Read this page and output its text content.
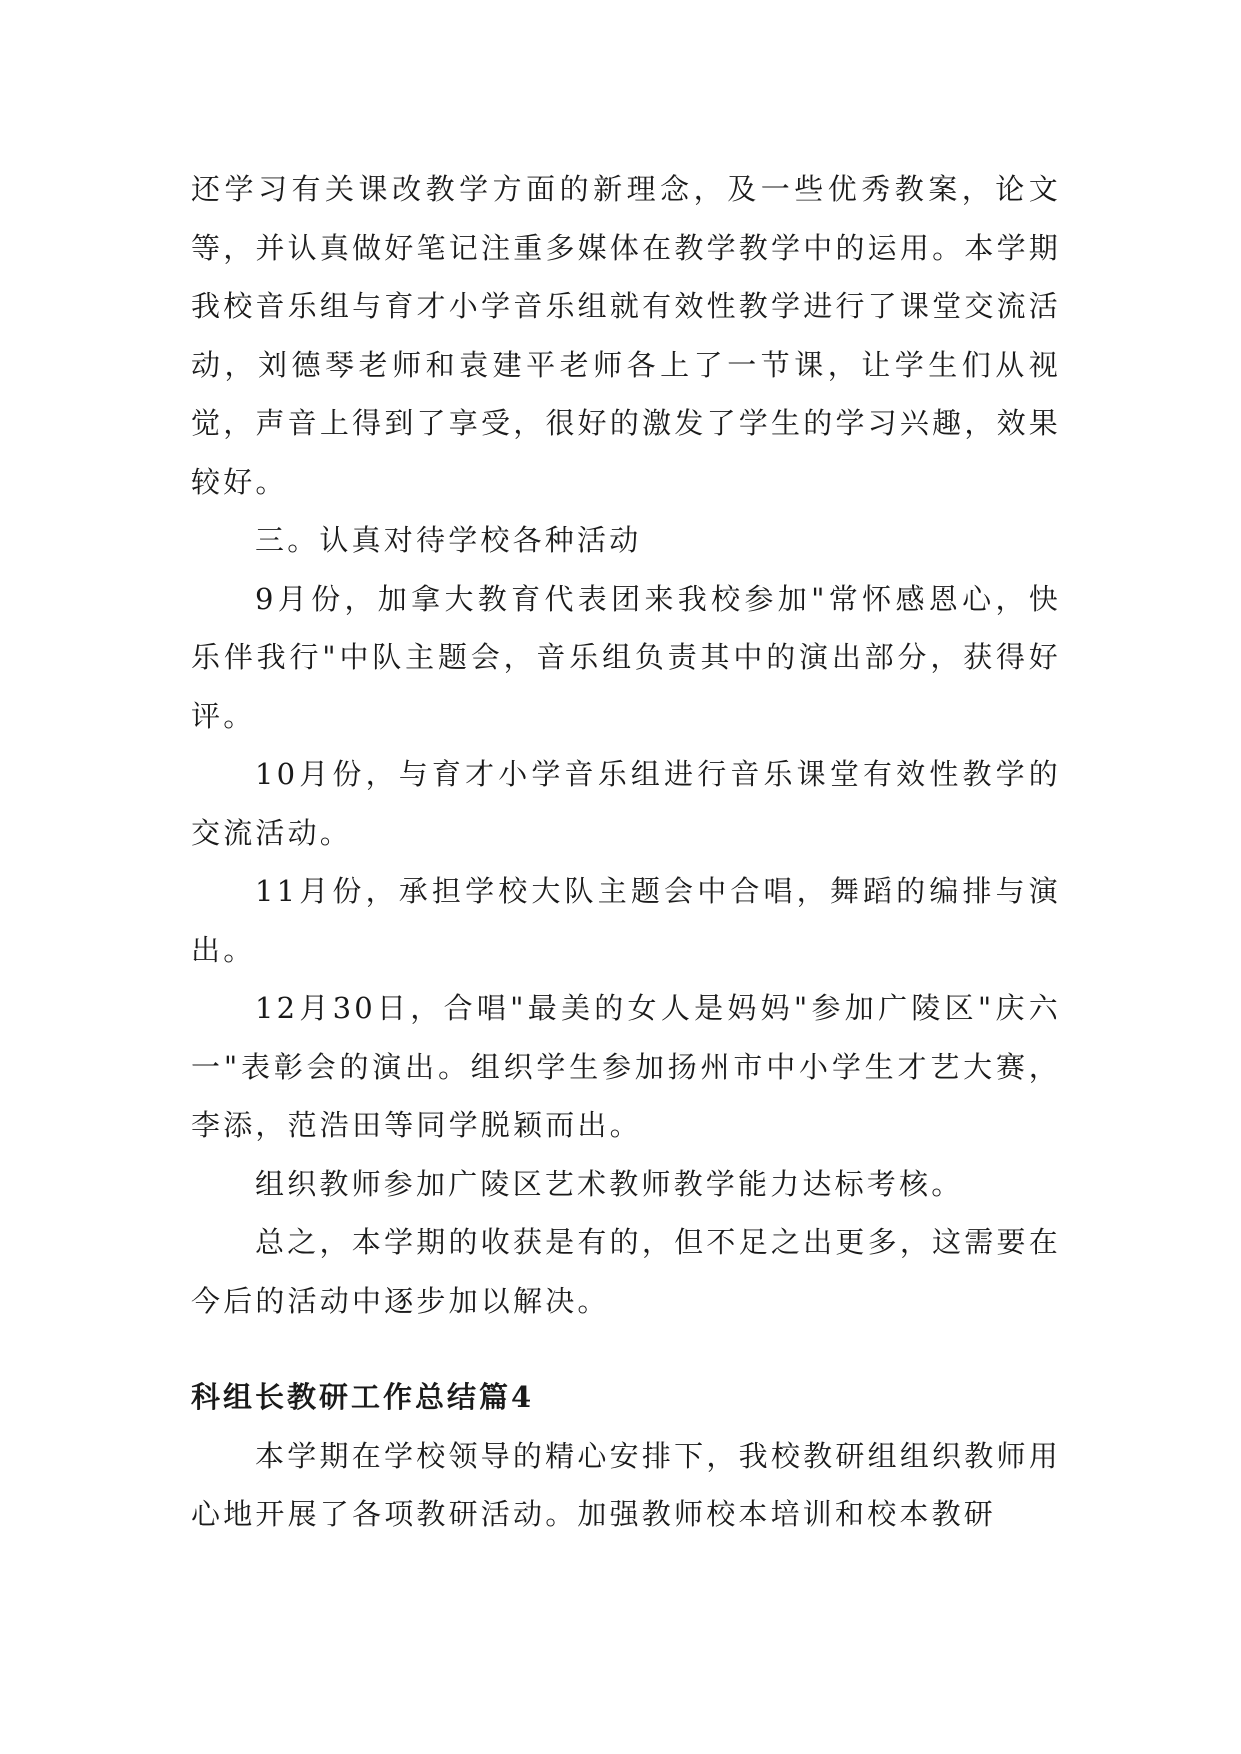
还学习有关课改教学方面的新理念，及一些优秀教案，论文等，并认真做好笔记注重多媒体在教学教学中的运用。本学期我校音乐组与育才小学音乐组就有效性教学进行了课堂交流活动，刘德琴老师和袁建平老师各上了一节课，让学生们从视觉，声音上得到了享受，很好的激发了学生的学习兴趣，效果较好。

三。认真对待学校各种活动

9月份，加拿大教育代表团来我校参加"常怀感恩心，快乐伴我行"中队主题会，音乐组负责其中的演出部分，获得好评。

10月份，与育才小学音乐组进行音乐课堂有效性教学的交流活动。

11月份，承担学校大队主题会中合唱，舞蹈的编排与演出。

12月30日，合唱"最美的女人是妈妈"参加广陵区"庆六一"表彰会的演出。组织学生参加扬州市中小学生才艺大赛，李添，范浩田等同学脱颖而出。

组织教师参加广陵区艺术教师教学能力达标考核。

总之，本学期的收获是有的，但不足之出更多，这需要在今后的活动中逐步加以解决。

科组长教研工作总结篇4

本学期在学校领导的精心安排下，我校教研组组织教师用心地开展了各项教研活动。加强教师校本培训和校本教研
